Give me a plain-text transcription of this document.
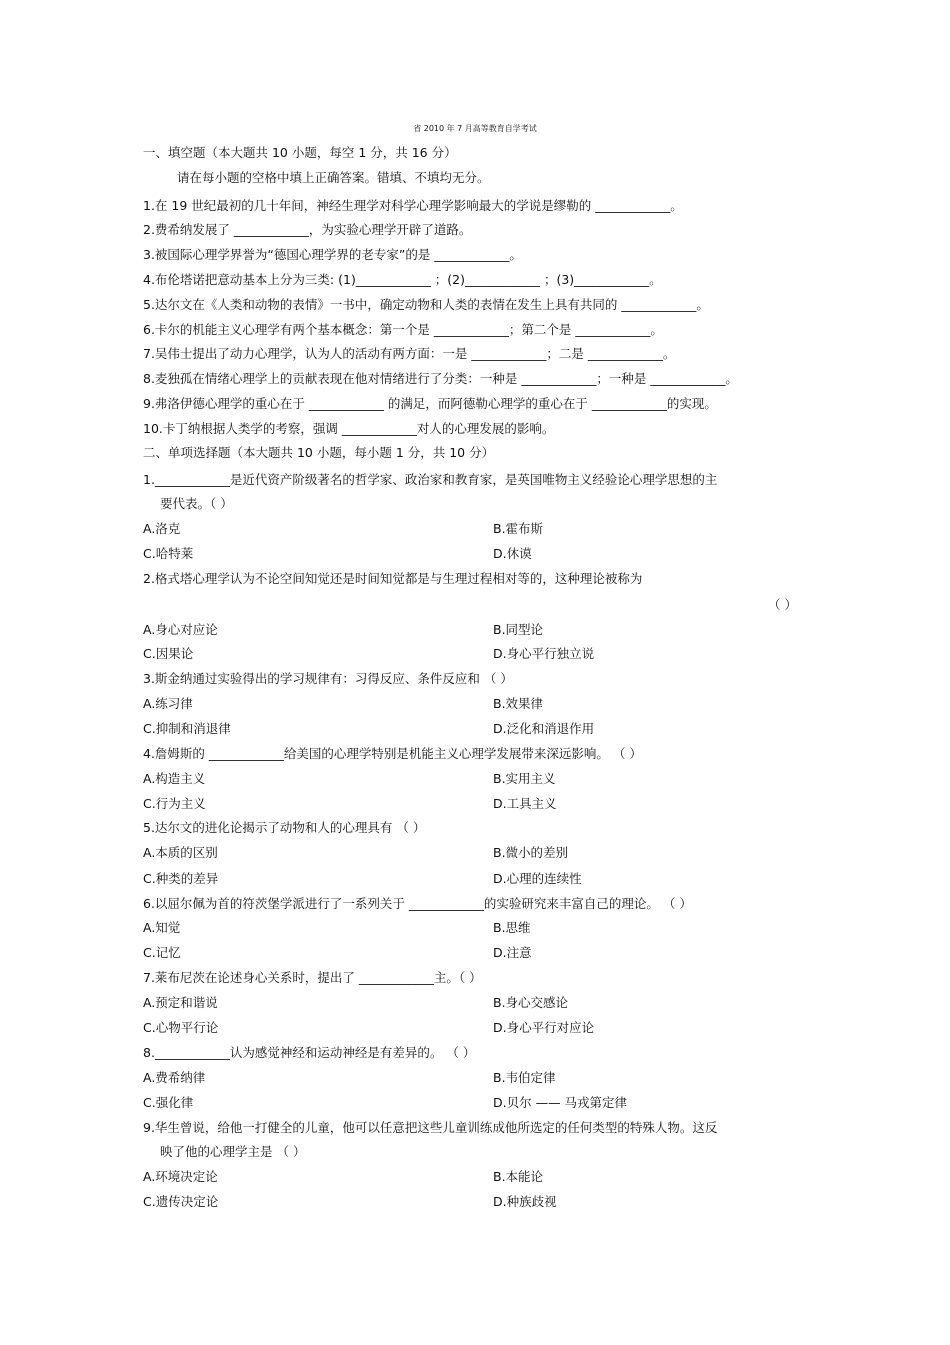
省 2010 年 7 月高等教育自学考试
一、填空题（本大题共 10 小题，每空 1 分，共 16 分）
请在每小题的空格中填上正确答案。错填、不填均无分。
1.在 19 世纪最初的几十年间，神经生理学对科学心理学影响最大的学说是缪勒的 ____________。
2.费希纳发展了 ____________，为实验心理学开辟了道路。
3.被国际心理学界誉为“德国心理学界的老专家”的是 ____________。
4.布伦塔诺把意动基本上分为三类: (1)____________ ；(2)____________ ；(3)____________。
5.达尔文在《人类和动物的表情》一书中，确定动物和人类的表情在发生上具有共同的 ____________。
6.卡尔的机能主义心理学有两个基本概念：第一个是 ____________；第二个是 ____________。
7.吴伟士提出了动力心理学，认为人的活动有两方面：一是 ____________；二是 ____________。
8.麦独孤在情绪心理学上的贡献表现在他对情绪进行了分类：一种是 ____________；一种是 ____________。
9.弗洛伊德心理学的重心在于 ____________ 的满足，而阿德勒心理学的重心在于 ____________的实现。
10.卡丁纳根据人类学的考察，强调 ____________对人的心理发展的影响。
二、单项选择题（本大题共 10 小题，每小题 1 分，共 10 分）
1.____________是近代资产阶级著名的哲学家、政治家和教育家，是英国唯物主义经验论心理学思想的主
要代表。（ ）
A.洛克	B.霍布斯
C.哈特莱	D.休谟
2.格式塔心理学认为不论空间知觉还是时间知觉都是与生理过程相对等的，这种理论被称为
（ ）
A.身心对应论	B.同型论
C.因果论	D.身心平行独立说
3.斯金纳通过实验得出的学习规律有：习得反应、条件反应和 （ ）
A.练习律	B.效果律
C.抑制和消退律	D.泛化和消退作用
4.詹姆斯的 ____________给美国的心理学特别是机能主义心理学发展带来深远影响。 （ ）
A.构造主义	B.实用主义
C.行为主义	D.工具主义
5.达尔文的进化论揭示了动物和人的心理具有 （ ）
A.本质的区别	B.微小的差别
C.种类的差异	D.心理的连续性
6.以屈尔佩为首的符茨堡学派进行了一系列关于 ____________的实验研究来丰富自己的理论。 （ ）
A.知觉	B.思维
C.记忆	D.注意
7.莱布尼茨在论述身心关系时，提出了 ____________主。（ ）
A.预定和谐说	B.身心交感论
C.心物平行论	D.身心平行对应论
8.____________认为感觉神经和运动神经是有差异的。 （ ）
A.费希纳律	B.韦伯定律
C.强化律	D.贝尔 —— 马戎第定律
9.华生曾说，给他一打健全的儿童，他可以任意把这些儿童训练成他所选定的任何类型的特殊人物。这反
映了他的心理学主是 （ ）
A.环境决定论	B.本能论
C.遗传决定论	D.种族歧视
